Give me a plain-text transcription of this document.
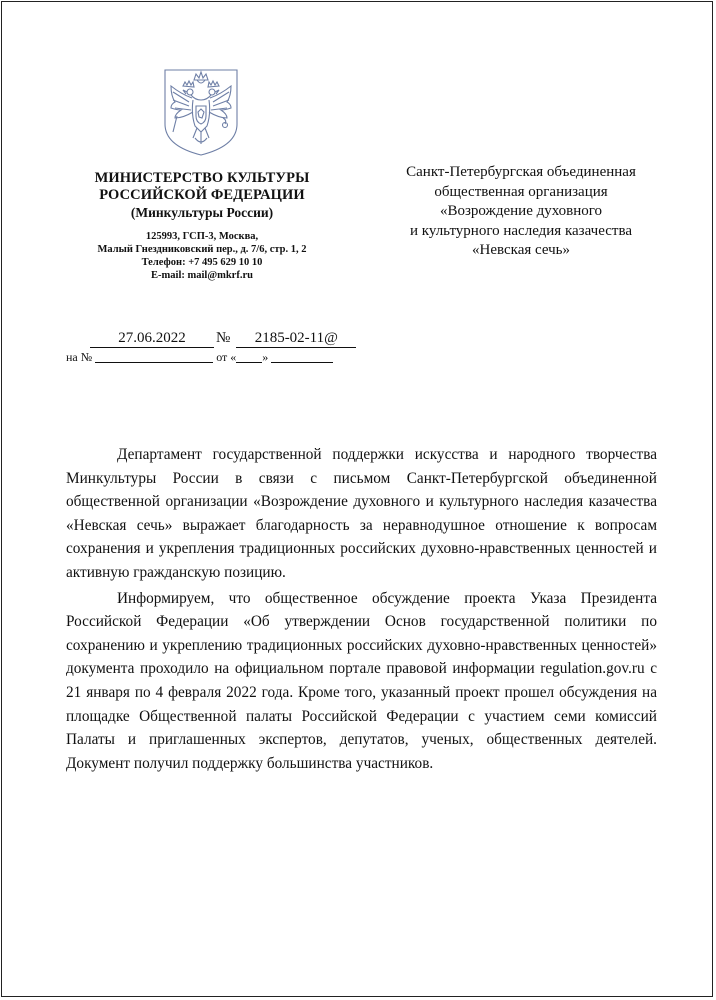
МИНИСТЕРСТВО КУЛЬТУРЫ
РОССИЙСКОЙ ФЕДЕРАЦИИ
(Минкультуры России)
125993, ГСП-3, Москва,
Малый Гнездниковский пер., д. 7/6, стр. 1, 2
Телефон: +7 495 629 10 10
E-mail: mail@mkrf.ru
Санкт-Петербургская объединенная
общественная организация
«Возрождение духовного
и культурного наследия казачества
«Невская сечь»
27.06.2022 № 2185-02-11@
на №	от « »

Департамент государственной поддержки искусства и народного творчества Минкультуры России в связи с письмом Санкт-Петербургской объединенной общественной организации «Возрождение духовного и культурного наследия казачества «Невская сечь» выражает благодарность за неравнодушное отношение к вопросам сохранения и укрепления традиционных российских духовно-нравственных ценностей и активную гражданскую позицию.

Информируем, что общественное обсуждение проекта Указа Президента Российской Федерации «Об утверждении Основ государственной политики по сохранению и укреплению традиционных российских духовно-нравственных ценностей» документа проходило на официальном портале правовой информации regulation.gov.ru с 21 января по 4 февраля 2022 года. Кроме того, указанный проект прошел обсуждения на площадке Общественной палаты Российской Федерации с участием семи комиссий Палаты и приглашенных экспертов, депутатов, ученых, общественных деятелей. Документ получил поддержку большинства участников.
